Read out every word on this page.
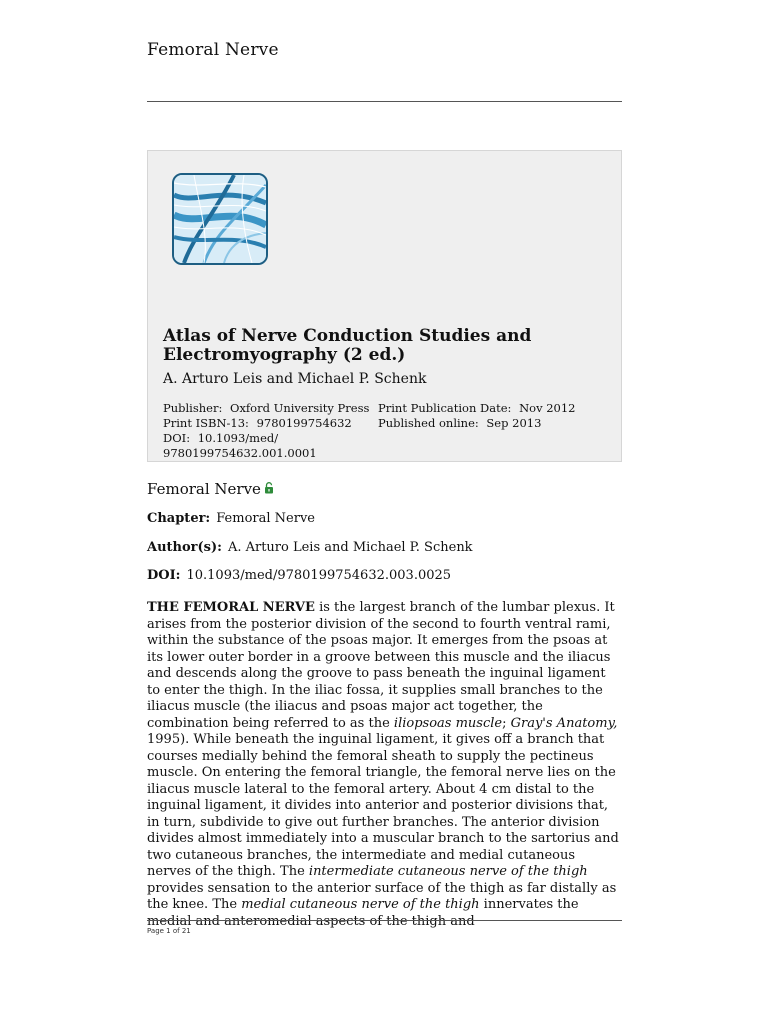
Femoral Nerve
Atlas of Nerve Conduction Studies and Electromyography (2 ed.)
A. Arturo Leis and Michael P. Schenk
Publisher: Oxford University Press
Print ISBN-13: 9780199754632
DOI: 10.1093/med/ 9780199754632.001.0001
Print Publication Date: Nov 2012
Published online: Sep 2013
Femoral Nerve
Chapter: Femoral Nerve
Author(s): A. Arturo Leis and Michael P. Schenk
DOI: 10.1093/med/9780199754632.003.0025
THE FEMORAL NERVE is the largest branch of the lumbar plexus. It arises from the posterior division of the second to fourth ventral rami, within the substance of the psoas major. It emerges from the psoas at its lower outer border in a groove between this muscle and the iliacus and descends along the groove to pass beneath the inguinal ligament to enter the thigh. In the iliac fossa, it supplies small branches to the iliacus muscle (the iliacus and psoas major act together, the combination being referred to as the iliopsoas muscle; Gray's Anatomy, 1995). While beneath the inguinal ligament, it gives off a branch that courses medially behind the femoral sheath to supply the pectineus muscle. On entering the femoral triangle, the femoral nerve lies on the iliacus muscle lateral to the femoral artery. About 4 cm distal to the inguinal ligament, it divides into anterior and posterior divisions that, in turn, subdivide to give out further branches. The anterior division divides almost immediately into a muscular branch to the sartorius and two cutaneous branches, the intermediate and medial cutaneous nerves of the thigh. The intermediate cutaneous nerve of the thigh provides sensation to the anterior surface of the thigh as far distally as the knee. The medial cutaneous nerve of the thigh innervates the medial and anteromedial aspects of the thigh and
Page 1 of 21
